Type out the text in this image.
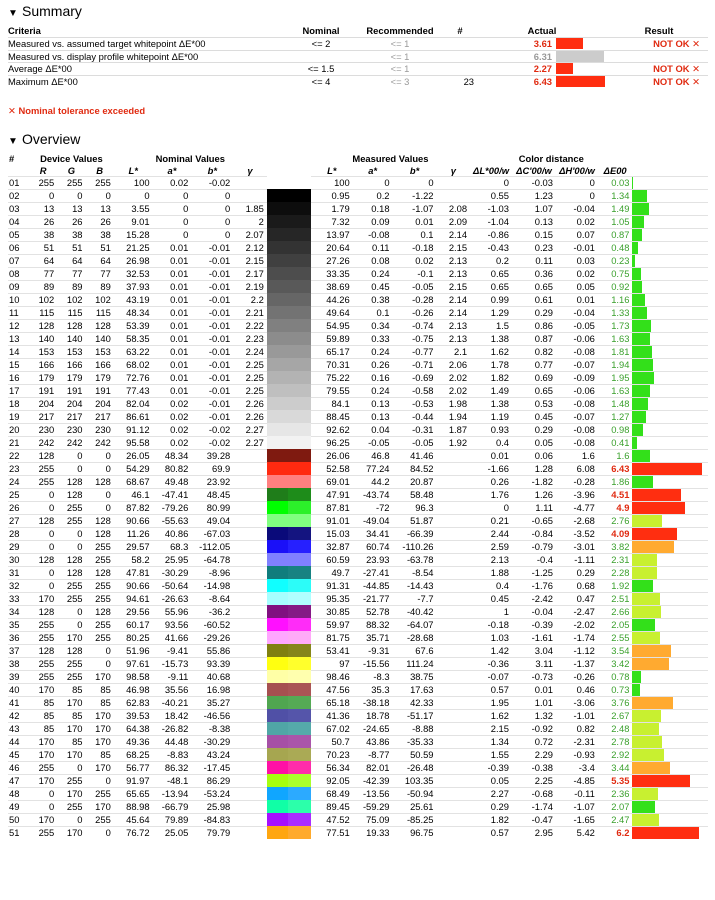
▼ Summary
Criteria	Nominal	Recommended	#	Actual		Result
Measured vs. assumed target whitepoint ΔE*00	<= 2	<= 1		3.61		NOT OK ✕
Measured vs. display profile whitepoint ΔE*00		<= 1		6.31	

Average ΔE*00	<= 1.5	<= 1		2.27		NOT OK ✕
Maximum ΔE*00	<= 4	<= 3	23	6.43		NOT OK ✕
✕ Nominal tolerance exceeded
▼ Overview
#	Device Values			Nominal Values						Measured Values				Color distance				
	R	G	B	L*	a*	b*	γ			L*	a*	b*	γ	ΔL*00/w	ΔC'00/w	ΔH'00/w	ΔE00	
01	255	255	255	100	0.02	-0.02				100	0	0		0	-0.03	0	0.03	

02	0	0	0	0	0	0				0.95	0.2	-1.22		0.55	1.23	0	1.34	

03	13	13	13	3.55	0	0	1.85			1.79	0.18	-1.07	2.08	-1.03	1.07	-0.04	1.49	

04	26	26	26	9.01	0	0	2			7.32	0.09	0.01	2.09	-1.04	0.13	0.02	1.05	

05	38	38	38	15.28	0	0	2.07			13.97	-0.08	0.1	2.14	-0.86	0.15	0.07	0.87	

06	51	51	51	21.25	0.01	-0.01	2.12			20.64	0.11	-0.18	2.15	-0.43	0.23	-0.01	0.48	

07	64	64	64	26.98	0.01	-0.01	2.15			27.26	0.08	0.02	2.13	0.2	0.11	0.03	0.23	

08	77	77	77	32.53	0.01	-0.01	2.17			33.35	0.24	-0.1	2.13	0.65	0.36	0.02	0.75	

09	89	89	89	37.93	0.01	-0.01	2.19			38.69	0.45	-0.05	2.15	0.65	0.65	0.05	0.92	

10	102	102	102	43.19	0.01	-0.01	2.2			44.26	0.38	-0.28	2.14	0.99	0.61	0.01	1.16	

11	115	115	115	48.34	0.01	-0.01	2.21			49.64	0.1	-0.26	2.14	1.29	0.29	-0.04	1.33	

12	128	128	128	53.39	0.01	-0.01	2.22			54.95	0.34	-0.74	2.13	1.5	0.86	-0.05	1.73	

13	140	140	140	58.35	0.01	-0.01	2.23			59.89	0.33	-0.75	2.13	1.38	0.87	-0.06	1.63	

14	153	153	153	63.22	0.01	-0.01	2.24			65.17	0.24	-0.77	2.1	1.62	0.82	-0.08	1.81	

15	166	166	166	68.02	0.01	-0.01	2.25			70.31	0.26	-0.71	2.06	1.78	0.77	-0.07	1.94	

16	179	179	179	72.76	0.01	-0.01	2.25			75.22	0.16	-0.69	2.02	1.82	0.69	-0.09	1.95	

17	191	191	191	77.43	0.01	-0.01	2.25			79.55	0.24	-0.58	2.02	1.49	0.65	-0.06	1.63	

18	204	204	204	82.04	0.02	-0.01	2.26			84.1	0.13	-0.53	1.98	1.38	0.53	-0.08	1.48	

19	217	217	217	86.61	0.02	-0.01	2.26			88.45	0.13	-0.44	1.94	1.19	0.45	-0.07	1.27	

20	230	230	230	91.12	0.02	-0.02	2.27			92.62	0.04	-0.31	1.87	0.93	0.29	-0.08	0.98	

21	242	242	242	95.58	0.02	-0.02	2.27			96.25	-0.05	-0.05	1.92	0.4	0.05	-0.08	0.41	

22	128	0	0	26.05	48.34	39.28				26.06	46.8	41.46		0.01	0.06	1.6	1.6	

23	255	0	0	54.29	80.82	69.9				52.58	77.24	84.52		-1.66	1.28	6.08	6.43	

24	255	128	128	68.67	49.48	23.92				69.01	44.2	20.87		0.26	-1.82	-0.28	1.86	

25	0	128	0	46.1	-47.41	48.45				47.91	-43.74	58.48		1.76	1.26	-3.96	4.51	

26	0	255	0	87.82	-79.26	80.99				87.81	-72	96.3		0	1.11	-4.77	4.9	

27	128	255	128	90.66	-55.63	49.04				91.01	-49.04	51.87		0.21	-0.65	-2.68	2.76	

28	0	0	128	11.26	40.86	-67.03				15.03	34.41	-66.39		2.44	-0.84	-3.52	4.09	

29	0	0	255	29.57	68.3	-112.05				32.87	60.74	-110.26		2.59	-0.79	-3.01	3.82	

30	128	128	255	58.2	25.95	-64.78				60.59	23.93	-63.78		2.13	-0.4	-1.11	2.31	

31	0	128	128	47.81	-30.29	-8.96				49.7	-27.41	-8.54		1.88	-1.25	0.29	2.28	

32	0	255	255	90.66	-50.64	-14.98				91.31	-44.85	-14.43		0.4	-1.76	0.68	1.92	

33	170	255	255	94.61	-26.63	-8.64				95.35	-21.77	-7.7		0.45	-2.42	0.47	2.51	

34	128	0	128	29.56	55.96	-36.2				30.85	52.78	-40.42		1	-0.04	-2.47	2.66	

35	255	0	255	60.17	93.56	-60.52				59.97	88.32	-64.07		-0.18	-0.39	-2.02	2.05	

36	255	170	255	80.25	41.66	-29.26				81.75	35.71	-28.68		1.03	-1.61	-1.74	2.55	

37	128	128	0	51.96	-9.41	55.86				53.41	-9.31	67.6		1.42	3.04	-1.12	3.54	

38	255	255	0	97.61	-15.73	93.39				97	-15.56	111.24		-0.36	3.11	-1.37	3.42	

39	255	255	170	98.58	-9.11	40.68				98.46	-8.3	38.75		-0.07	-0.73	-0.26	0.78	

40	170	85	85	46.98	35.56	16.98				47.56	35.3	17.63		0.57	0.01	0.46	0.73	

41	85	170	85	62.83	-40.21	35.27				65.18	-38.18	42.33		1.95	1.01	-3.06	3.76	

42	85	85	170	39.53	18.42	-46.56				41.36	18.78	-51.17		1.62	1.32	-1.01	2.67	

43	85	170	170	64.38	-26.82	-8.38				67.02	-24.65	-8.88		2.15	-0.92	0.82	2.48	

44	170	85	170	49.36	44.48	-30.29				50.7	43.86	-35.33		1.34	0.72	-2.31	2.78	

45	170	170	85	68.25	-8.83	43.24				70.23	-8.77	50.59		1.55	2.29	-0.93	2.92	

46	255	0	170	56.77	86.32	-17.45				56.34	82.01	-26.48		-0.39	-0.38	-3.4	3.44	

47	170	255	0	91.97	-48.1	86.29				92.05	-42.39	103.35		0.05	2.25	-4.85	5.35	

48	0	170	255	65.65	-13.94	-53.24				68.49	-13.56	-50.94		2.27	-0.68	-0.11	2.36	

49	0	255	170	88.98	-66.79	25.98				89.45	-59.29	25.61		0.29	-1.74	-1.07	2.07	

50	170	0	255	45.64	79.89	-84.83				47.52	75.09	-85.25		1.82	-0.47	-1.65	2.47	

51	255	170	0	76.72	25.05	79.79				77.51	19.33	96.75		0.57	2.95	5.42	6.2	
